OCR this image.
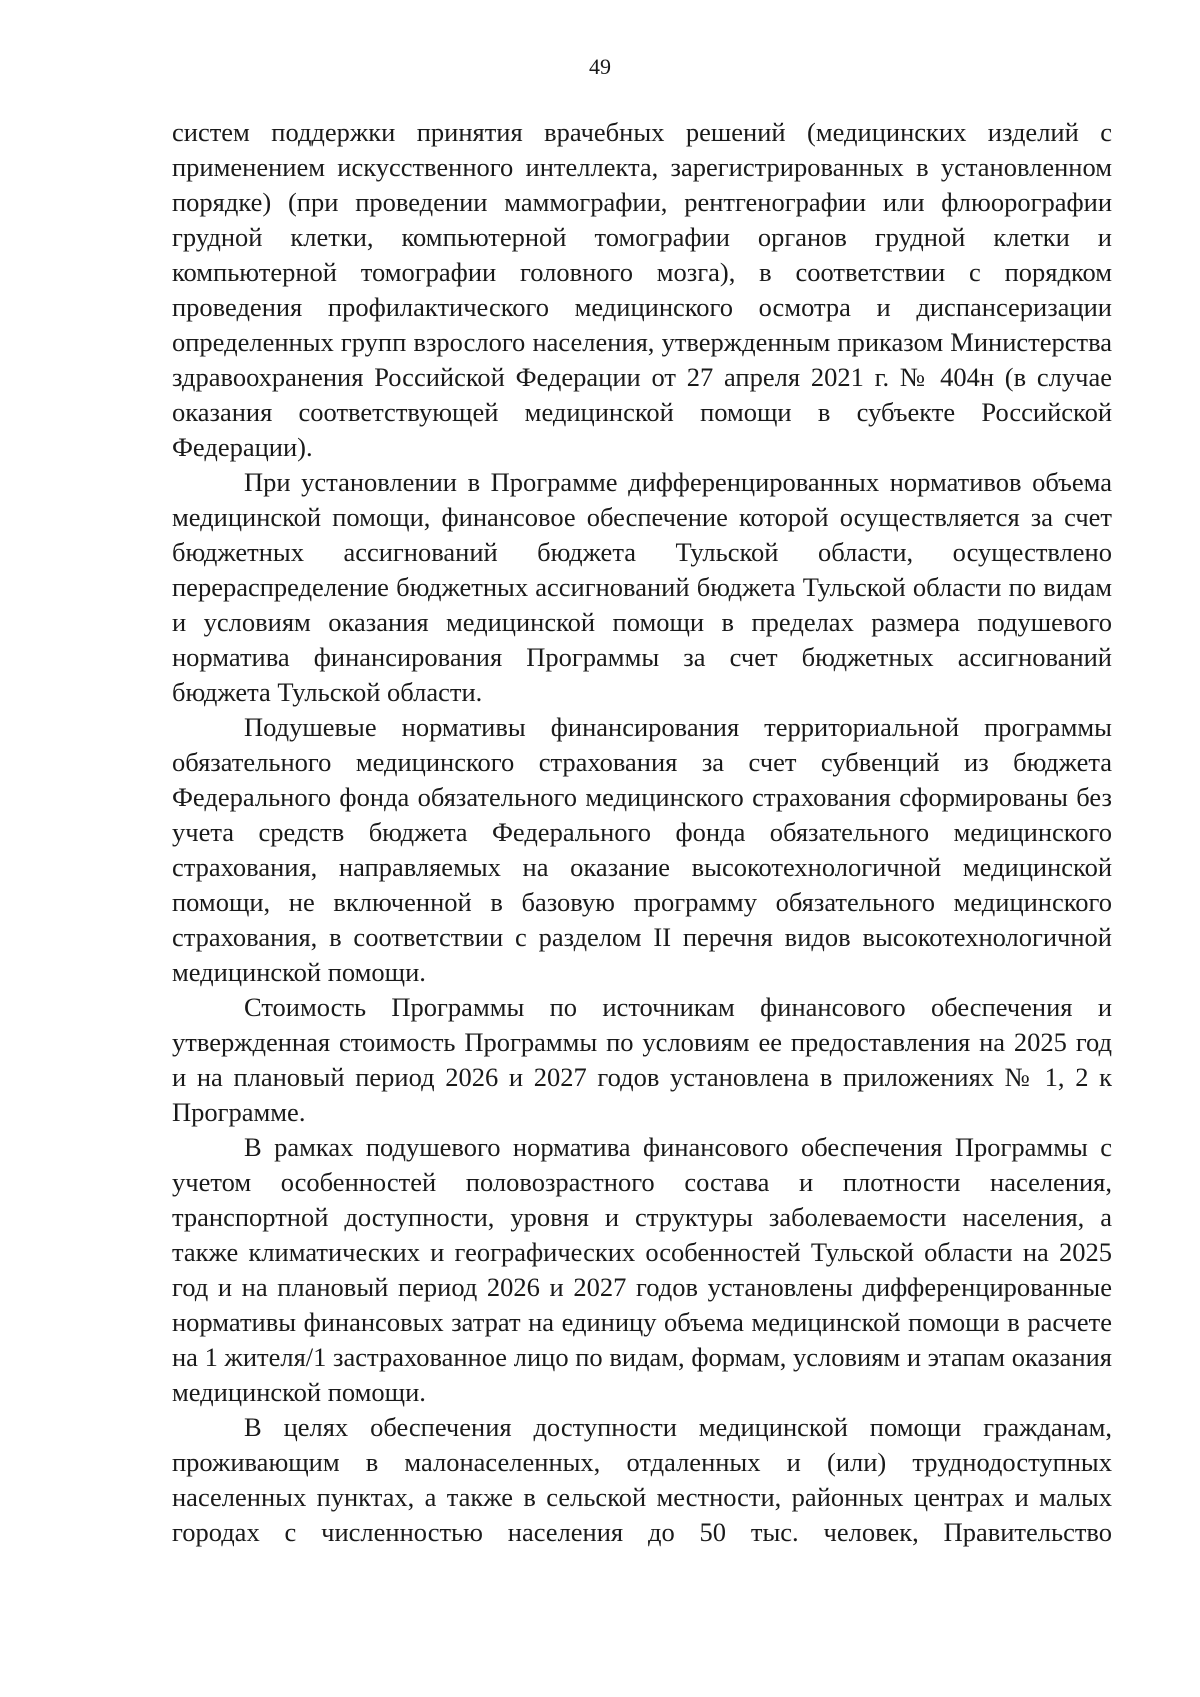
49

систем поддержки принятия врачебных решений (медицинских изделий с применением искусственного интеллекта, зарегистрированных в установленном порядке) (при проведении маммографии, рентгенографии или флюорографии грудной клетки, компьютерной томографии органов грудной клетки и компьютерной томографии головного мозга), в соответствии с порядком проведения профилактического медицинского осмотра и диспансеризации определенных групп взрослого населения, утвержденным приказом Министерства здравоохранения Российской Федерации от 27 апреля 2021 г. № 404н (в случае оказания соответствующей медицинской помощи в субъекте Российской Федерации).

При установлении в Программе дифференцированных нормативов объема медицинской помощи, финансовое обеспечение которой осуществляется за счет бюджетных ассигнований бюджета Тульской области, осуществлено перераспределение бюджетных ассигнований бюджета Тульской области по видам и условиям оказания медицинской помощи в пределах размера подушевого норматива финансирования Программы за счет бюджетных ассигнований бюджета Тульской области.

Подушевые нормативы финансирования территориальной программы обязательного медицинского страхования за счет субвенций из бюджета Федерального фонда обязательного медицинского страхования сформированы без учета средств бюджета Федерального фонда обязательного медицинского страхования, направляемых на оказание высокотехнологичной медицинской помощи, не включенной в базовую программу обязательного медицинского страхования, в соответствии с разделом II перечня видов высокотехнологичной медицинской помощи.

Стоимость Программы по источникам финансового обеспечения и утвержденная стоимость Программы по условиям ее предоставления на 2025 год и на плановый период 2026 и 2027 годов установлена в приложениях № 1, 2 к Программе.

В рамках подушевого норматива финансового обеспечения Программы с учетом особенностей половозрастного состава и плотности населения, транспортной доступности, уровня и структуры заболеваемости населения, а также климатических и географических особенностей Тульской области на 2025 год и на плановый период 2026 и 2027 годов установлены дифференцированные нормативы финансовых затрат на единицу объема медицинской помощи в расчете на 1 жителя/1 застрахованное лицо по видам, формам, условиям и этапам оказания медицинской помощи.

В целях обеспечения доступности медицинской помощи гражданам, проживающим в малонаселенных, отдаленных и (или) труднодоступных населенных пунктах, а также в сельской местности, районных центрах и малых городах с численностью населения до 50 тыс. человек, Правительство
